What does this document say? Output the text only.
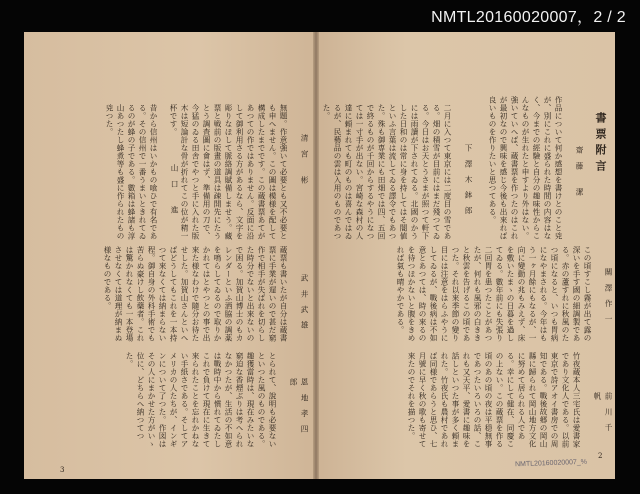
NMTL20160020007，2 / 2
書票附言
齋藤 潔
作品について何か感想を書けとのこと兇が、別にこれに盛られた時間の内容はなく、今までの經驗と自分の趣味性からこんなものが生れたと申すより外はない。強いていへば、蔵書票を作つたのはこれが最初なので興味を感じ今後も出來れば良いものを作りたいと思つてある。
下澤木鉢郎
二月に入つて東京には二度目の雪である。畑の積雪が目前にはまだ殘つてゐる。今日はお天とうさまが照つて軒下には雨讀が下されてゐる。北國のかうした日和のは常に身を持してはそ闇値といふ言葉は流してゐる譯令でもあつた。殊も御専業にも田畑では四、五回で終るものが千回からするやうになつては一寸手が出ない。宮崎な森村の人達に頼まれても町のものは喜んではゐるが、民藝品の雲は入用のものであつた。
關澤作一
この頃すこし霧が出て露の深いを手す國の細調製である。赤の蘆すれに秋風のたつ頃になると、いつも胃病になやまされる。今年はもう一ヶ月餘にもなるが、一向に變動の兆もみえず、床を敷いたまゝの日暮を過してゐる。數年前にも失張り二回胃を患つたことがあつたが、何れも風邪の白ききと秋雲を告げるこの頃であつた。それ以來季節の變り目には注意をはらふやうにしてゐるが、戰後病は不如意とあつては、時の來るのを待つほかないと腹をきめれば氣も晴やかである。
前川千帆
竹夜蔵本人三宅氏は愛書家であり文化人である。以前東京で詩アオイ書房での周知である。戰後故郷の岡山縣に歸られて岡山地方文化に努めて居られる人である。幸にして健在、同慶この上ない。この蔵票を作る頃のあの頃の夜は平穏無事であつたいろいろの話、これも又天平、愛書に趣味を話しといつた事が多く頼まれた。竹夜氏も農村であれば同様であらうと思ひ、七月號に早く秋の歌も寄せて來たのでそれを描つた。
2
NMTL20160020007_%
清宮 彬
無題。作意強いて必要とも又不必要とも申へません。この圖は模様を配して構成したまでです。この蔵書票あてがあつての作ではありません。反面に沿して御利用さる方があるなら、文字を彫りなほして脈絡調賦備しませう。藏票と戦前の版畫の道具は疎開先にたうとう調査圖に會はず、準備用の刀で、今猛のゐる田舎でやつと手に入れた版木は短論計な骨が折れてこの位が精一杯です。
山口 進
昔から信州はいかもの喰ひで有名である。その信州で一番うまいときれてゐるのが蜂の子である。數箱は蜂諸も淳山あつたし蜂煮等も盛に作られたもの兇つた。
武井武雄
蔵票も書いたが自分は蔵書票に手業が遅いので甚だ窮作で相手が失ばれを切らした時分でないと出來ないので困る。加賀山博士のもカレンダーといふ洒脇の調薬を鳴らしてゐるので取りかかれてはとやつとの事で出來た様なわけで隨分お待たせした。加賀山さんといへばどうしてもこれを一本持つて來なくては納まらない程。御自身の外科手術でも苦らぬ豪けし飲藥者。これは驚かれなくても一本登場させなくては道理が納まぬ様なものである。
恩地孝四郎
とられて、說明も必要ないといつた風のものである。趣獲當時は、現在みたいな窮迫な香煙ぶりは考へられなかつたが、生活の不如意は戰時中から慣れてゐたしこれで負けて現在に生きて來られたことを忘れかねない手紙さである。そしてアメリカの人たちが、インギンについて了つた。作図はその人にまかせた方がいゝ位に、どちらへ納つてつた。
3
